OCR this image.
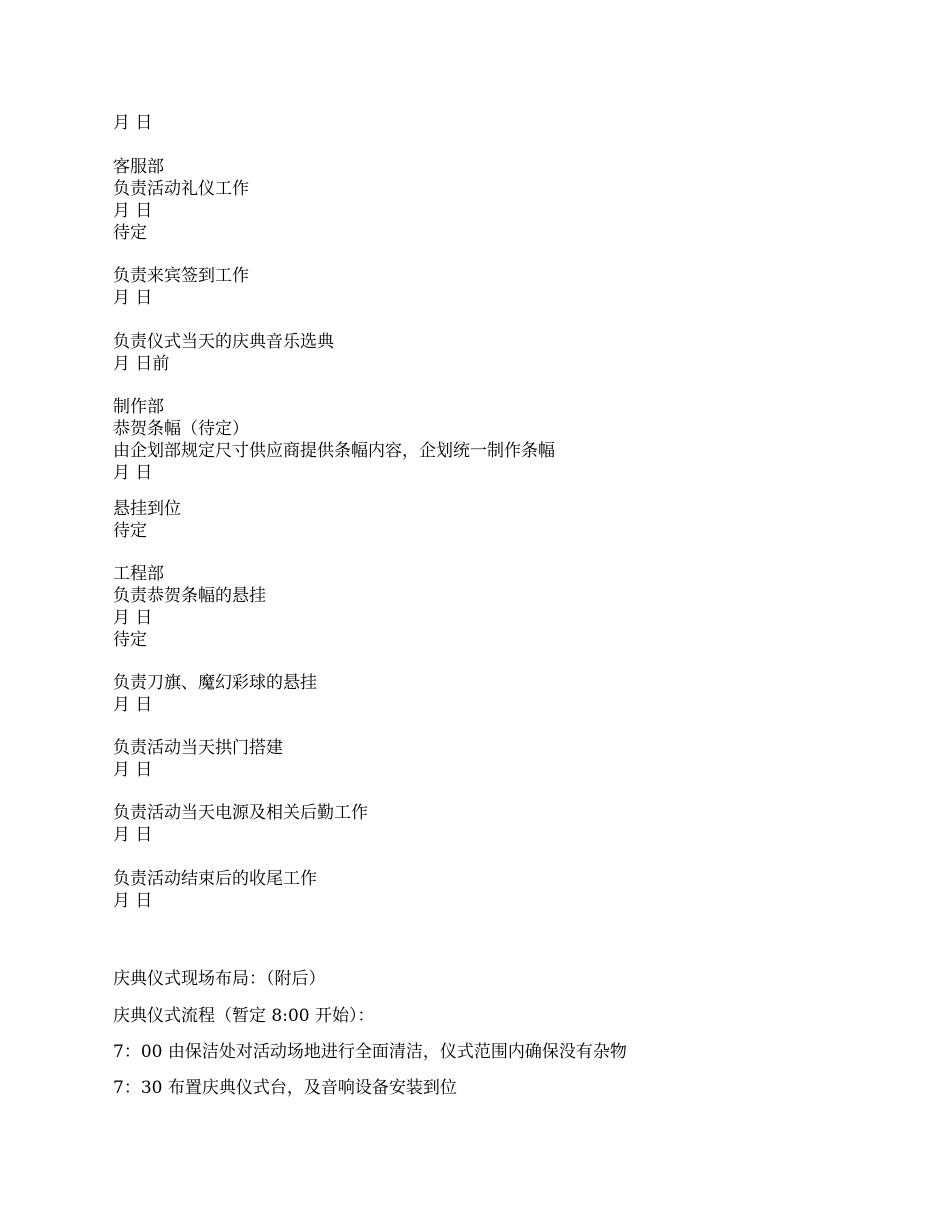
月 日
客服部
负责活动礼仪工作
月 日
待定
负责来宾签到工作
月 日
负责仪式当天的庆典音乐选典
月 日前
制作部
恭贺条幅（待定）
由企划部规定尺寸供应商提供条幅内容，企划统一制作条幅
月 日
悬挂到位
待定
工程部
负责恭贺条幅的悬挂
月 日
待定
负责刀旗、魔幻彩球的悬挂
月 日
负责活动当天拱门搭建
月 日
负责活动当天电源及相关后勤工作
月 日
负责活动结束后的收尾工作
月 日
庆典仪式现场布局：（附后）
庆典仪式流程（暂定 8:00 开始）：
7：00 由保洁处对活动场地进行全面清洁，仪式范围内确保没有杂物
7：30 布置庆典仪式台，及音响设备安装到位
